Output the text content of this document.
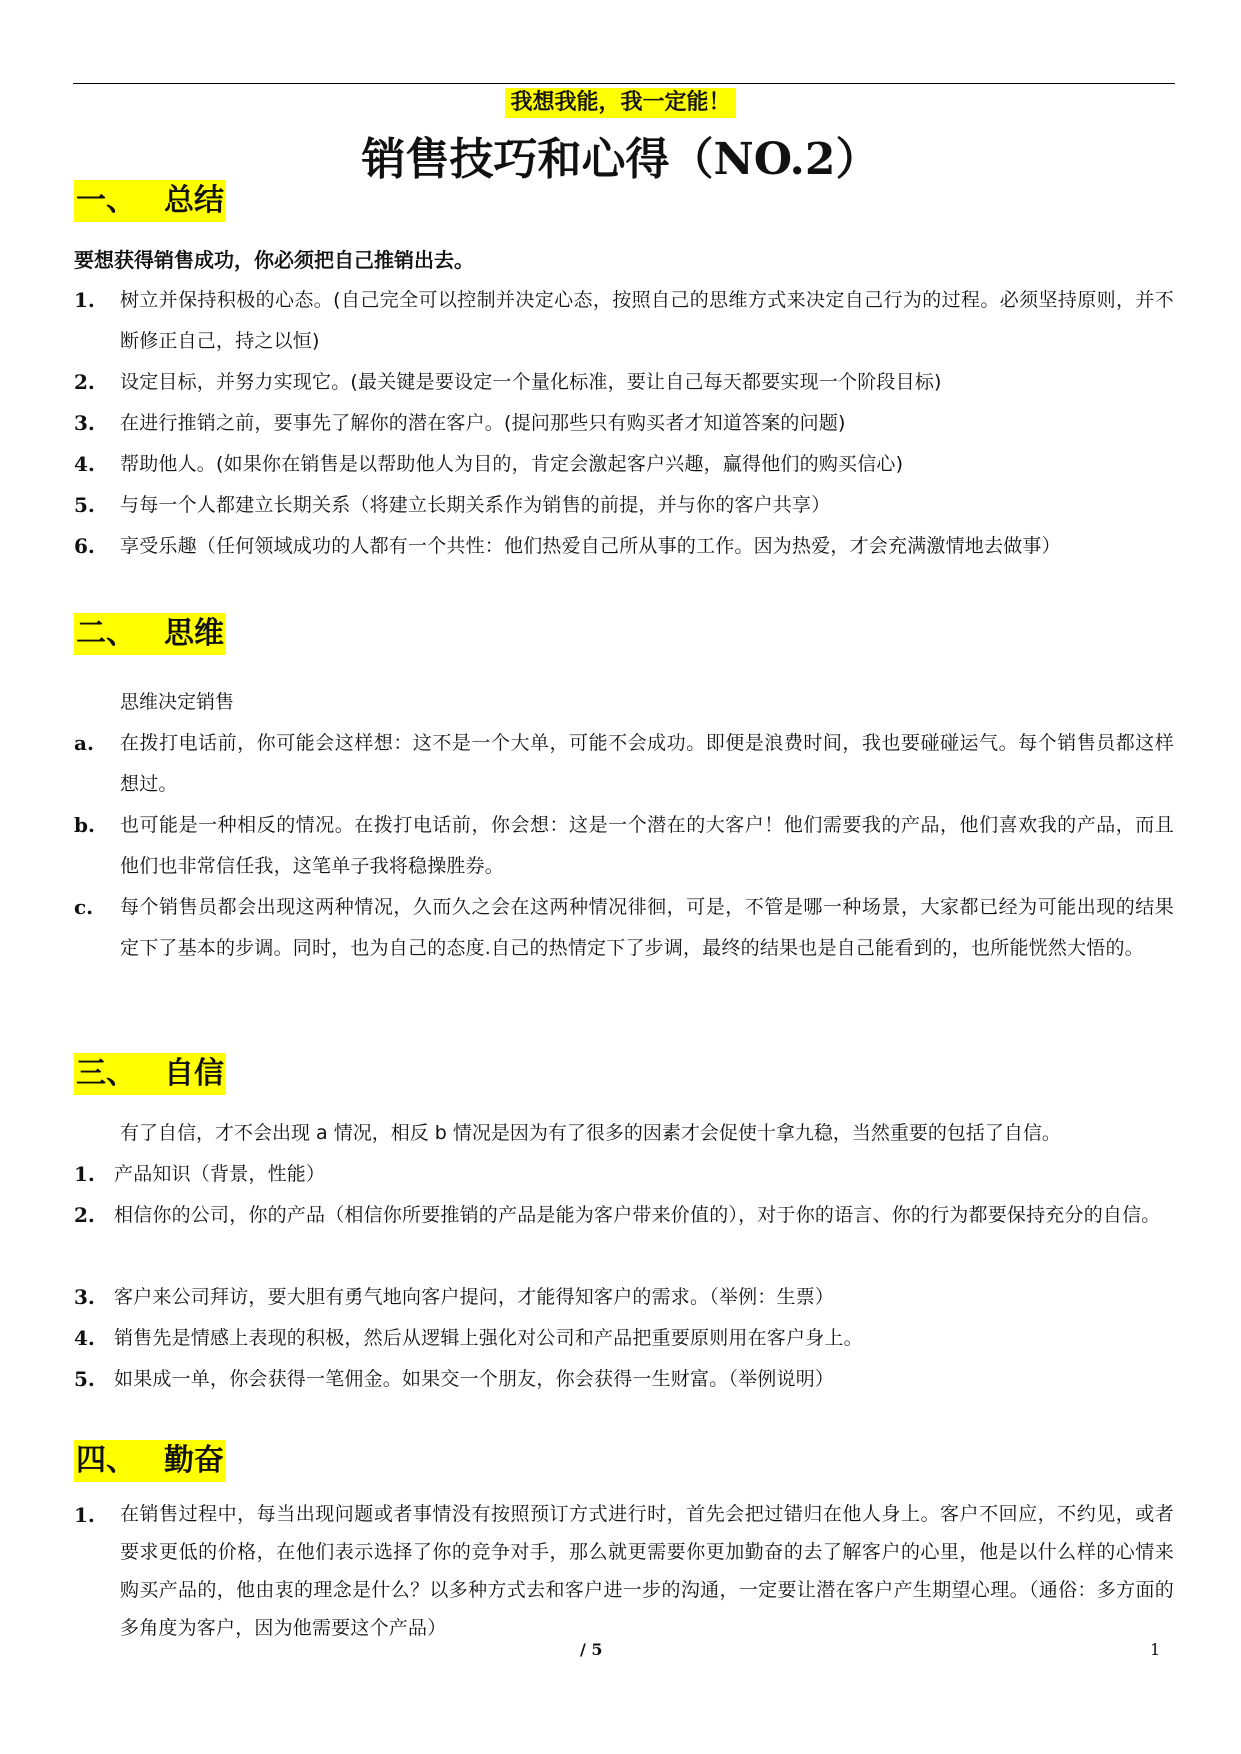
我想我能，我一定能！
销售技巧和心得（NO.2）
一、 总结
要想获得销售成功，你必须把自己推销出去。
1. 树立并保持积极的心态。(自己完全可以控制并决定心态，按照自己的思维方式来决定自己行为的过程。必须坚持原则，并不断修正自己，持之以恒)
2. 设定目标，并努力实现它。(最关键是要设定一个量化标准，要让自己每天都要实现一个阶段目标)
3. 在进行推销之前，要事先了解你的潜在客户。(提问那些只有购买者才知道答案的问题)
4. 帮助他人。(如果你在销售是以帮助他人为目的，肯定会激起客户兴趣，赢得他们的购买信心)
5. 与每一个人都建立长期关系（将建立长期关系作为销售的前提，并与你的客户共享）
6. 享受乐趣（任何领域成功的人都有一个共性：他们热爱自己所从事的工作。因为热爱，才会充满激情地去做事）
二、 思维
思维决定销售
a. 在拨打电话前，你可能会这样想：这不是一个大单，可能不会成功。即便是浪费时间，我也要碰碰运气。每个销售员都这样想过。
b. 也可能是一种相反的情况。在拨打电话前，你会想：这是一个潜在的大客户！他们需要我的产品，他们喜欢我的产品，而且他们也非常信任我，这笔单子我将稳操胜券。
c. 每个销售员都会出现这两种情况，久而久之会在这两种情况徘徊，可是，不管是哪一种场景，大家都已经为可能出现的结果定下了基本的步调。同时，也为自己的态度.自己的热情定下了步调，最终的结果也是自己能看到的，也所能恍然大悟的。
三、 自信
有了自信，才不会出现 a 情况，相反 b 情况是因为有了很多的因素才会促使十拿九稳，当然重要的包括了自信。
1. 产品知识（背景，性能）
2. 相信你的公司，你的产品（相信你所要推销的产品是能为客户带来价值的），对于你的语言、你的行为都要保持充分的自信。
3. 客户来公司拜访，要大胆有勇气地向客户提问，才能得知客户的需求。（举例：生票）
4. 销售先是情感上表现的积极，然后从逻辑上强化对公司和产品把重要原则用在客户身上。
5. 如果成一单，你会获得一笔佣金。如果交一个朋友，你会获得一生财富。（举例说明）
四、 勤奋
1. 在销售过程中，每当出现问题或者事情没有按照预订方式进行时，首先会把过错归在他人身上。客户不回应，不约见，或者要求更低的价格，在他们表示选择了你的竞争对手，那么就更需要你更加勤奋的去了解客户的心里，他是以什么样的心情来购买产品的，他由衷的理念是什么？以多种方式去和客户进一步的沟通，一定要让潜在客户产生期望心理。（通俗：多方面的多角度为客户，因为他需要这个产品）
/ 5	1
